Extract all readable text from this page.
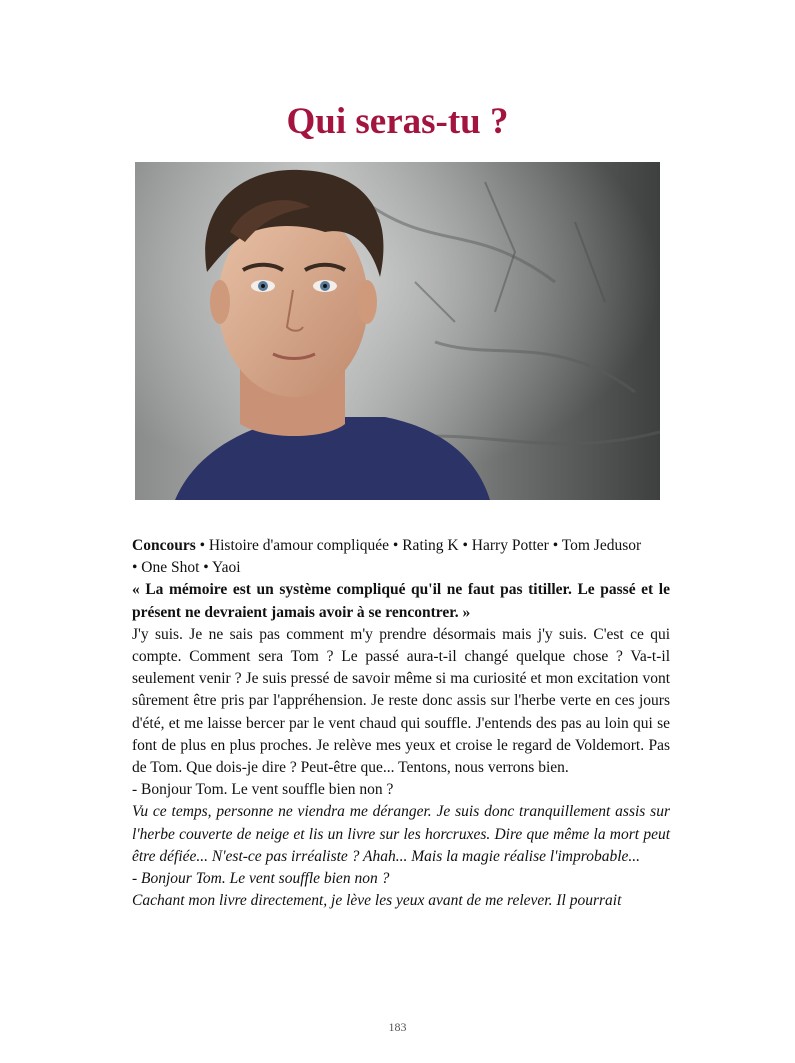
Qui seras-tu ?

Concours • Histoire d'amour compliquée • Rating K • Harry Potter • Tom Jedusor

• One Shot • Yaoi

« La mémoire est un système compliqué qu'il ne faut pas titiller. Le passé et le présent ne devraient jamais avoir à se rencontrer. »

J'y suis. Je ne sais pas comment m'y prendre désormais mais j'y suis. C'est ce qui compte. Comment sera Tom ? Le passé aura-t-il changé quelque chose ? Va-t-il seulement venir ? Je suis pressé de savoir même si ma curiosité et mon excitation vont sûrement être pris par l'appréhension. Je reste donc assis sur l'herbe verte en ces jours d'été, et me laisse bercer par le vent chaud qui souffle. J'entends des pas au loin qui se font de plus en plus proches. Je relève mes yeux et croise le regard de Voldemort. Pas de Tom. Que dois-je dire ? Peut-être que... Tentons, nous verrons bien.

- Bonjour Tom. Le vent souffle bien non ?

Vu ce temps, personne ne viendra me déranger. Je suis donc tranquillement assis sur l'herbe couverte de neige et lis un livre sur les horcruxes. Dire que même la mort peut être défiée... N'est-ce pas irréaliste ? Ahah... Mais la magie réalise l'improbable...

- Bonjour Tom. Le vent souffle bien non ?

Cachant mon livre directement, je lève les yeux avant de me relever. Il pourrait

183
